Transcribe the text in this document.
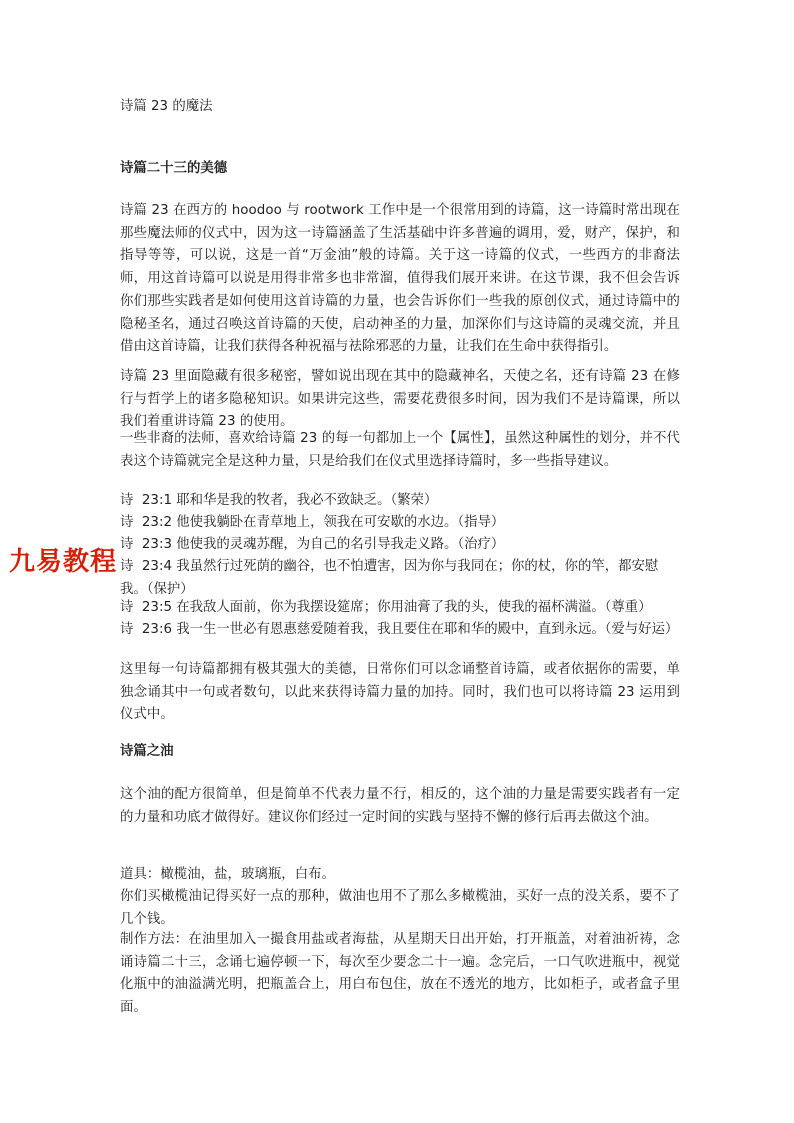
诗篇 23 的魔法
诗篇二十三的美德
诗篇 23 在西方的 hoodoo 与 rootwork 工作中是一个很常用到的诗篇，这一诗篇时常出现在那些魔法师的仪式中，因为这一诗篇涵盖了生活基础中许多普遍的调用，爱，财产，保护，和指导等等，可以说，这是一首“万金油”般的诗篇。关于这一诗篇的仪式，一些西方的非裔法师，用这首诗篇可以说是用得非常多也非常溜，值得我们展开来讲。在这节课，我不但会告诉你们那些实践者是如何使用这首诗篇的力量，也会告诉你们一些我的原创仪式，通过诗篇中的隐秘圣名，通过召唤这首诗篇的天使，启动神圣的力量，加深你们与这诗篇的灵魂交流，并且借由这首诗篇，让我们获得各种祝福与祛除邪恶的力量，让我们在生命中获得指引。
诗篇 23 里面隐藏有很多秘密，譬如说出现在其中的隐藏神名，天使之名，还有诗篇 23 在修行与哲学上的诸多隐秘知识。如果讲完这些，需要花费很多时间，因为我们不是诗篇课，所以我们着重讲诗篇 23 的使用。
一些非裔的法师，喜欢给诗篇 23 的每一句都加上一个【属性】，虽然这种属性的划分，并不代表这个诗篇就完全是这种力量，只是给我们在仪式里选择诗篇时，多一些指导建议。
诗  23:1 耶和华是我的牧者，我必不致缺乏。（繁荣）
诗  23:2 他使我躺卧在青草地上，领我在可安歇的水边。（指导）
诗  23:3 他使我的灵魂苏醒，为自己的名引导我走义路。（治疗）
诗  23:4 我虽然行过死荫的幽谷，也不怕遭害，因为你与我同在；你的杖，你的竿，都安慰我。（保护）
诗  23:5 在我敌人面前，你为我摆设筵席；你用油膏了我的头，使我的福杯满溢。（尊重）
诗  23:6 我一生一世必有恩惠慈爱随着我，我且要住在耶和华的殿中，直到永远。（爱与好运）
这里每一句诗篇都拥有极其强大的美德，日常你们可以念诵整首诗篇，或者依据你的需要，单独念诵其中一句或者数句，以此来获得诗篇力量的加持。同时，我们也可以将诗篇 23 运用到仪式中。
诗篇之油
这个油的配方很简单，但是简单不代表力量不行，相反的，这个油的力量是需要实践者有一定的力量和功底才做得好。建议你们经过一定时间的实践与坚持不懈的修行后再去做这个油。
道具：橄榄油，盐，玻璃瓶，白布。
你们买橄榄油记得买好一点的那种，做油也用不了那么多橄榄油，买好一点的没关系，要不了几个钱。
制作方法：在油里加入一撮食用盐或者海盐，从星期天日出开始，打开瓶盖，对着油祈祷，念诵诗篇二十三，念诵七遍停顿一下，每次至少要念二十一遍。念完后，一口气吹进瓶中，视觉化瓶中的油溢满光明，把瓶盖合上，用白布包住，放在不透光的地方，比如柜子，或者盒子里面。
九易教程
